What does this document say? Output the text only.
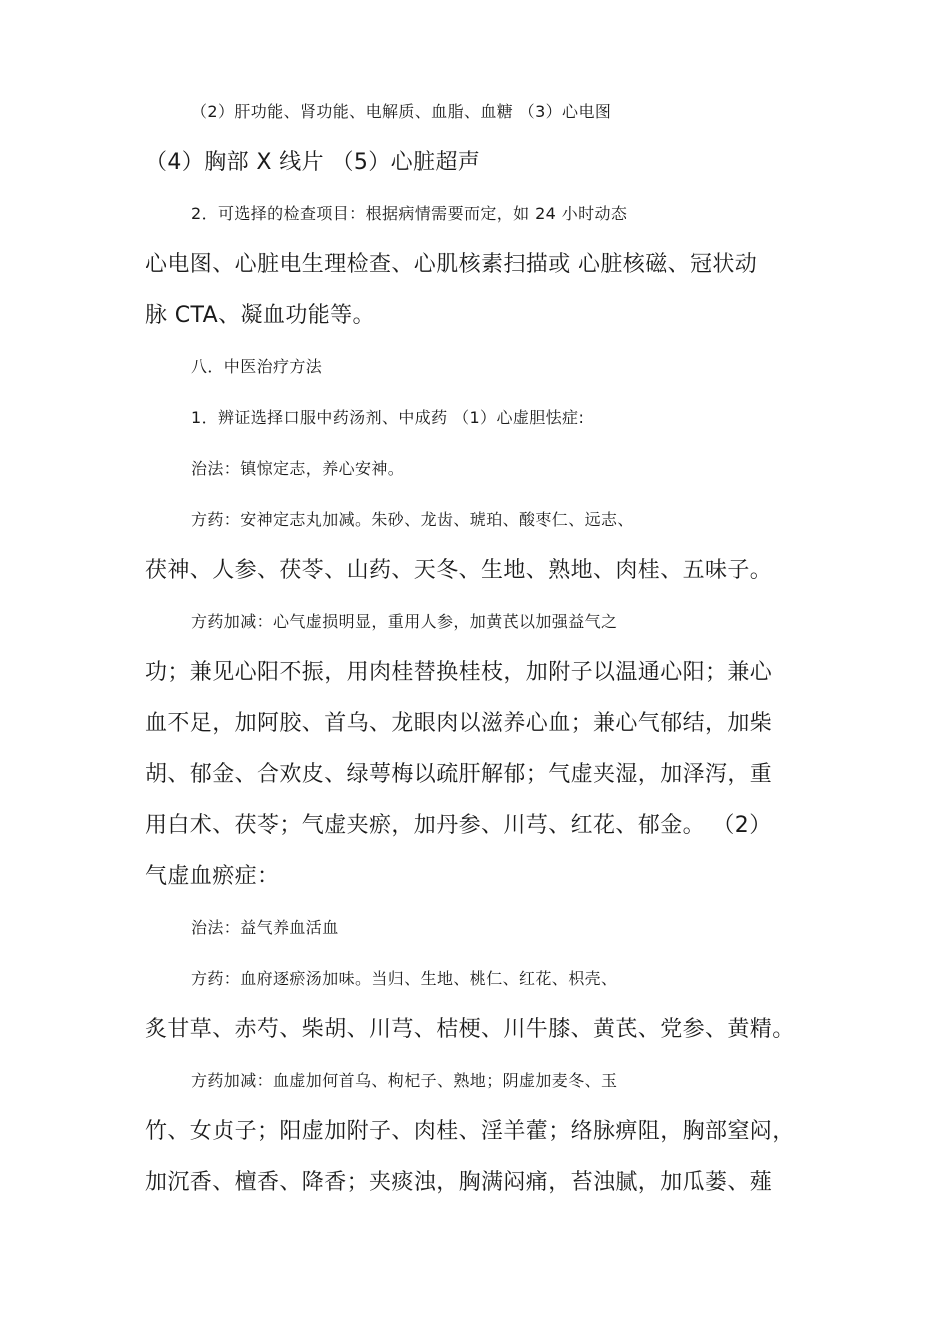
（2）肝功能、肾功能、电解质、血脂、血糖 （3）心电图
（4）胸部 X 线片 （5）心脏超声
2．可选择的检查项目：根据病情需要而定，如 24 小时动态
心电图、心脏电生理检查、心肌核素扫描或 心脏核磁、冠状动
脉 CTA、凝血功能等。
八．中医治疗方法
1．辨证选择口服中药汤剂、中成药 （1）心虚胆怯症:
治法：镇惊定志，养心安神。
方药：安神定志丸加减。朱砂、龙齿、琥珀、酸枣仁、远志、
茯神、人参、茯苓、山药、天冬、生地、熟地、肉桂、五味子。
方药加减：心气虚损明显，重用人参，加黄芪以加强益气之
功；兼见心阳不振，用肉桂替换桂枝，加附子以温通心阳；兼心
血不足，加阿胶、首乌、龙眼肉以滋养心血；兼心气郁结，加柴
胡、郁金、合欢皮、绿萼梅以疏肝解郁；气虚夹湿，加泽泻，重
用白术、茯苓；气虚夹瘀，加丹参、川芎、红花、郁金。 （2）
气虚血瘀症：
治法：益气养血活血
方药：血府逐瘀汤加味。当归、生地、桃仁、红花、枳壳、
炙甘草、赤芍、柴胡、川芎、桔梗、川牛膝、黄芪、党参、黄精。
方药加减：血虚加何首乌、枸杞子、熟地；阴虚加麦冬、玉
竹、女贞子；阳虚加附子、肉桂、淫羊藿；络脉痹阻，胸部窒闷，
加沉香、檀香、降香；夹痰浊，胸满闷痛，苔浊腻，加瓜蒌、薤
